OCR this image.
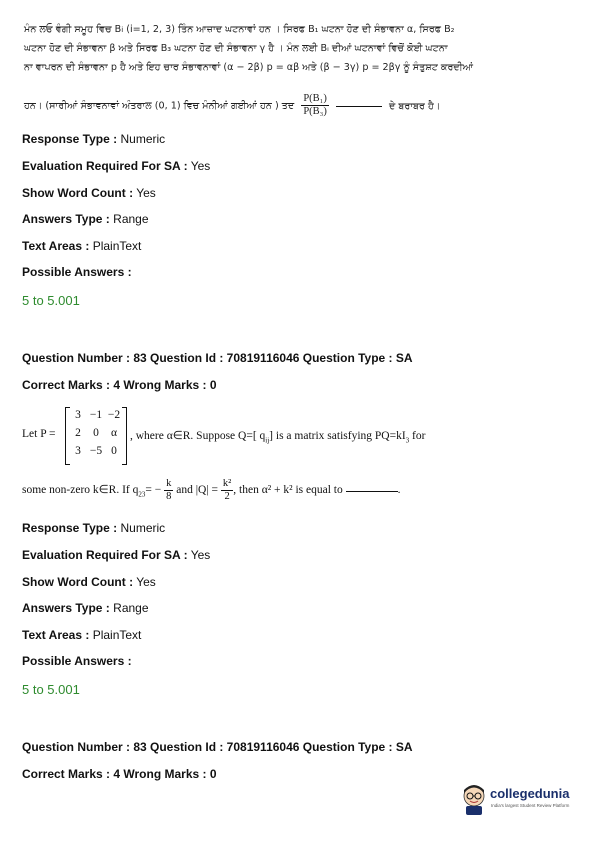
ਮੰਨ ਲਓ ਵੰਗੀ ਸਮੂਹ ਵਿਚ Bi (i=1, 2, 3) ਤਿੰਨ ਆਜ਼ਾਦ ਘਟਨਾਵਾਂ ਹਨ । ਸਿਰਫ B₁ ਘਟਨਾ ਹੋਣ ਦੀ ਸੰਭਾਵਨਾ α, ਸਿਰਫ B₂
ਘਟਨਾ ਹੋਣ ਦੀ ਸੰਭਾਵਨਾ β ਅਤੇ ਸਿਰਫ B₃ ਘਟਨਾ ਹੋਣ ਦੀ ਸੰਭਾਵਨਾ γ ਹੈ । ਮੰਨ ਲਈ Bᵢ ਦੀਆਂ ਘਟਨਾਵਾਂ ਵਿਚੋਂ ਕੋਈ ਘਟਨਾ
ਨਾ ਵਾਪਰਨ ਦੀ ਸੰਭਾਵਨਾ p ਹੈ ਅਤੇ ਇਹ ਚਾਰ ਸੰਭਾਵਨਾਵਾਂ (α − 2β) p = αβ ਅਤੇ (β − 3γ) p = 2βγ ਨੂੰ ਸੰਤੁਸ਼ਟ ਕਰਦੀਆਂ
ਹਨ। (ਸਾਰੀਆਂ ਸੰਭਾਵਨਾਵਾਂ ਅੰਤਰਾਲ (0, 1) ਵਿਚ ਮੰਨੀਆਂ ਗਈਆਂ ਹਨ ) ਤਦ $\frac{\text{P(B₁)}}{\text{P(B₃)}}$	ਦੇ ਬਰਾਬਰ ਹੈ।
Response Type : Numeric
Evaluation Required For SA : Yes
Show Word Count : Yes
Answers Type : Range
Text Areas : PlainText
Possible Answers :
5 to 5.001
Question Number : 83 Question Id : 70819116046 Question Type : SA
Correct Marks : 4 Wrong Marks : 0
Let P =
3 −1 −2
2	0	α
3 −5 0
, where α∈R. Suppose Q=[ $q_{ij}$] is a matrix satisfying $PQ=kI_3$ for
some non-zero k∈R. If $q_{23}= - \frac{k}{8}$ and $|Q| = \frac{\text{k²}}{2}$ , then α² + k² is equal to	.
Response Type : Numeric
Evaluation Required For SA : Yes
Show Word Count : Yes
Answers Type : Range
Text Areas : PlainText
Possible Answers :
5 to 5.001
Question Number : 83 Question Id : 70819116046 Question Type : SA
Correct Marks : 4 Wrong Marks : 0
collegedunia
India's largest Student Review Platform
